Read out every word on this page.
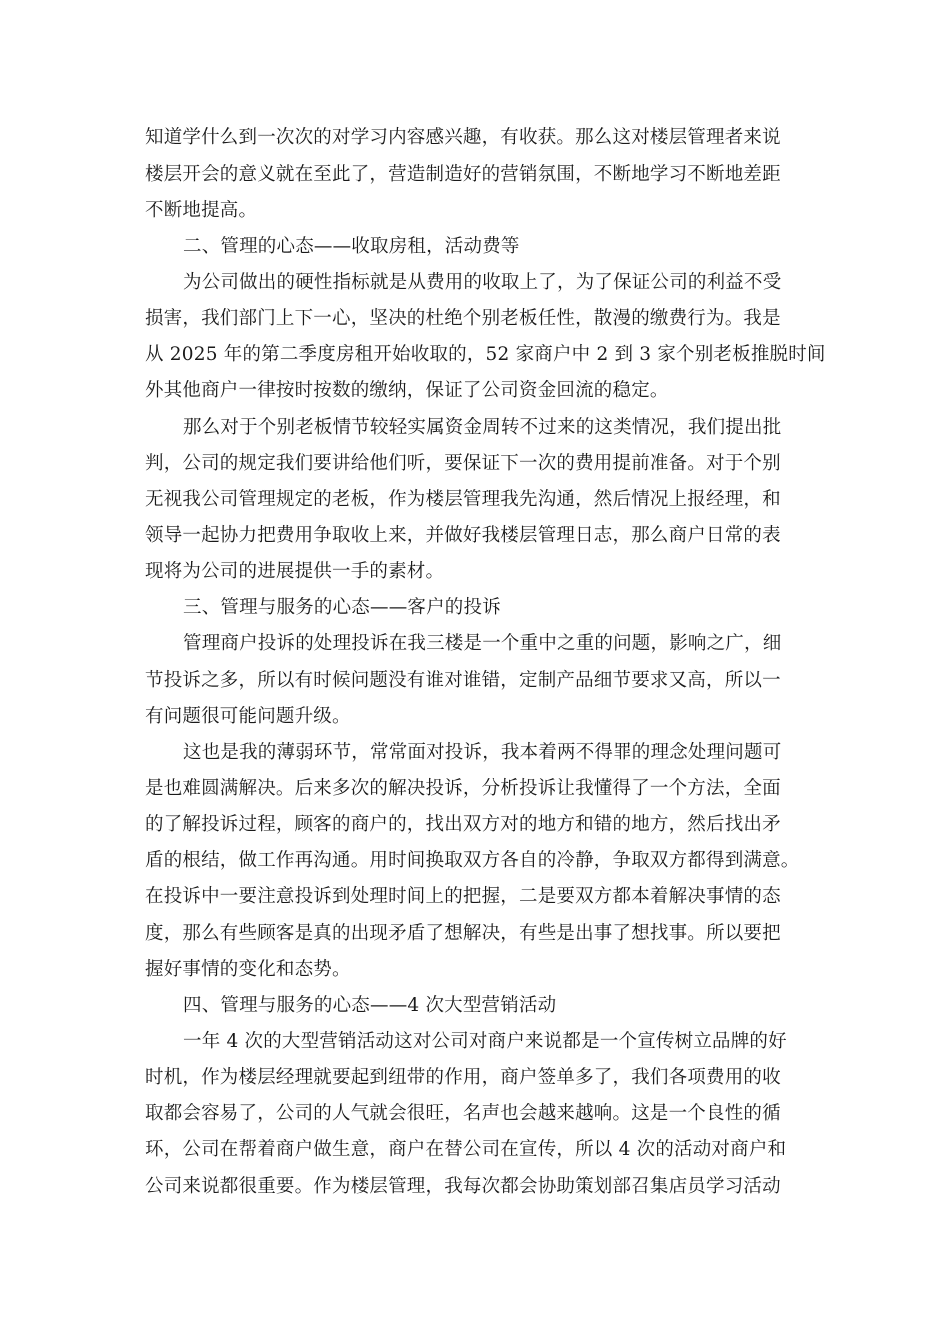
知道学什么到一次次的对学习内容感兴趣，有收获。那么这对楼层管理者来说
楼层开会的意义就在至此了，营造制造好的营销氛围，不断地学习不断地差距
不断地提高。
二、管理的心态——收取房租，活动费等
为公司做出的硬性指标就是从费用的收取上了，为了保证公司的利益不受
损害，我们部门上下一心，坚决的杜绝个别老板任性，散漫的缴费行为。我是
从 2025 年的第二季度房租开始收取的，52 家商户中 2 到 3 家个别老板推脱时间
外其他商户一律按时按数的缴纳，保证了公司资金回流的稳定。
那么对于个别老板情节较轻实属资金周转不过来的这类情况，我们提出批
判，公司的规定我们要讲给他们听，要保证下一次的费用提前准备。对于个别
无视我公司管理规定的老板，作为楼层管理我先沟通，然后情况上报经理，和
领导一起协力把费用争取收上来，并做好我楼层管理日志，那么商户日常的表
现将为公司的进展提供一手的素材。
三、管理与服务的心态——客户的投诉
管理商户投诉的处理投诉在我三楼是一个重中之重的问题，影响之广，细
节投诉之多，所以有时候问题没有谁对谁错，定制产品细节要求又高，所以一
有问题很可能问题升级。
这也是我的薄弱环节，常常面对投诉，我本着两不得罪的理念处理问题可
是也难圆满解决。后来多次的解决投诉，分析投诉让我懂得了一个方法，全面
的了解投诉过程，顾客的商户的，找出双方对的地方和错的地方，然后找出矛
盾的根结，做工作再沟通。用时间换取双方各自的冷静，争取双方都得到满意。
在投诉中一要注意投诉到处理时间上的把握，二是要双方都本着解决事情的态
度，那么有些顾客是真的出现矛盾了想解决，有些是出事了想找事。所以要把
握好事情的变化和态势。
四、管理与服务的心态——4 次大型营销活动
一年 4 次的大型营销活动这对公司对商户来说都是一个宣传树立品牌的好
时机，作为楼层经理就要起到纽带的作用，商户签单多了，我们各项费用的收
取都会容易了，公司的人气就会很旺，名声也会越来越响。这是一个良性的循
环，公司在帮着商户做生意，商户在替公司在宣传，所以 4 次的活动对商户和
公司来说都很重要。作为楼层管理，我每次都会协助策划部召集店员学习活动
